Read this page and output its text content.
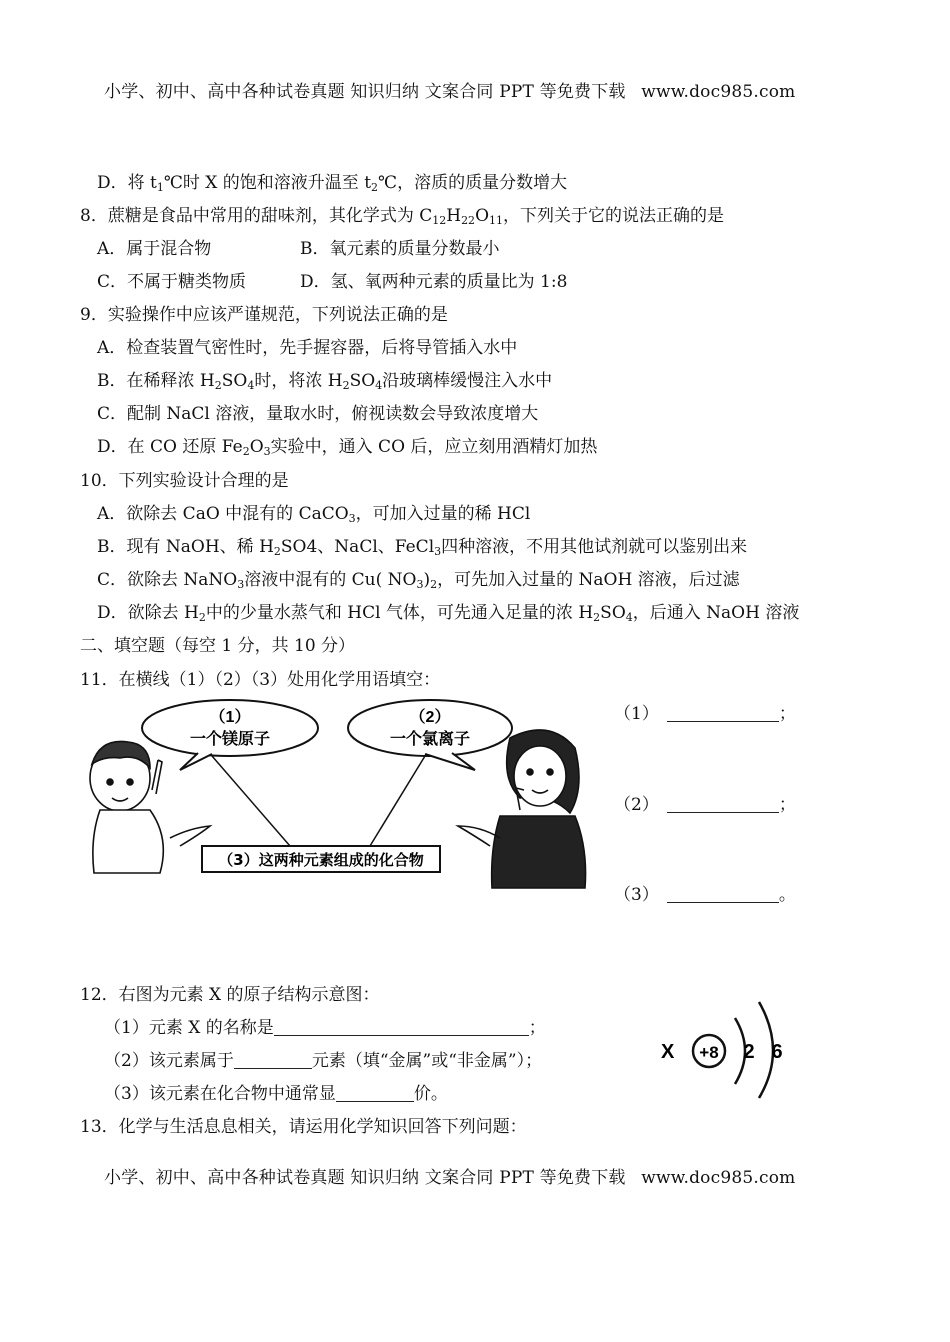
小学、初中、高中各种试卷真题 知识归纳 文案合同 PPT 等免费下载 www.doc985.com
D．将 $t_1℃$时 X 的饱和溶液升温至 $t_2℃$，溶质的质量分数增大
8．蔗糖是食品中常用的甜味剂，其化学式为 $C_{12}H_{22}O_{11}$，下列关于它的说法正确的是
A．属于混合物	B．氧元素的质量分数最小
C．不属于糖类物质	D．氢、氧两种元素的质量比为 1:8
9．实验操作中应该严谨规范，下列说法正确的是
A．检查装置气密性时，先手握容器，后将导管插入水中
B．在稀释浓 $H_2SO_4$时，将浓 $H_2SO_4$沿玻璃棒缓慢注入水中
C．配制 NaCl 溶液，量取水时，俯视读数会导致浓度增大
D．在 CO 还原 $Fe_2O_3$实验中，通入 CO 后，应立刻用酒精灯加热
10．下列实验设计合理的是
A．欲除去 CaO 中混有的 CaCO$_3$，可加入过量的稀 HCl
B．现有 NaOH、稀 $H_2SO4$、NaCl、FeCl$_3$四种溶液，不用其他试剂就可以鉴别出来
C．欲除去 NaNO$_3$溶液中混有的 Cu( $NO_3)_2$，可先加入过量的 NaOH 溶液，后过滤
D．欲除去 $H_2$中的少量水蒸气和 HCl 气体，可先通入足量的浓 $H_2SO_4$，后通入 NaOH 溶液
二、填空题（每空 1 分，共 10 分）
11．在横线（1）（2）（3）处用化学用语填空：
（1）
一个镁原子
（2）
一个氯离子
（3）这两种元素组成的化合物
（1）	；
（2）	；
（3）	。
12．右图为元素 X 的原子结构示意图：
（1）元素 X 的名称是	；
（2）该元素属于	元素（填“金属”或“非金属”）；
（3）该元素在化合物中通常显	价。
X +8 2 6
13．化学与生活息息相关，请运用化学知识回答下列问题：
小学、初中、高中各种试卷真题 知识归纳 文案合同 PPT 等免费下载 www.doc985.com
